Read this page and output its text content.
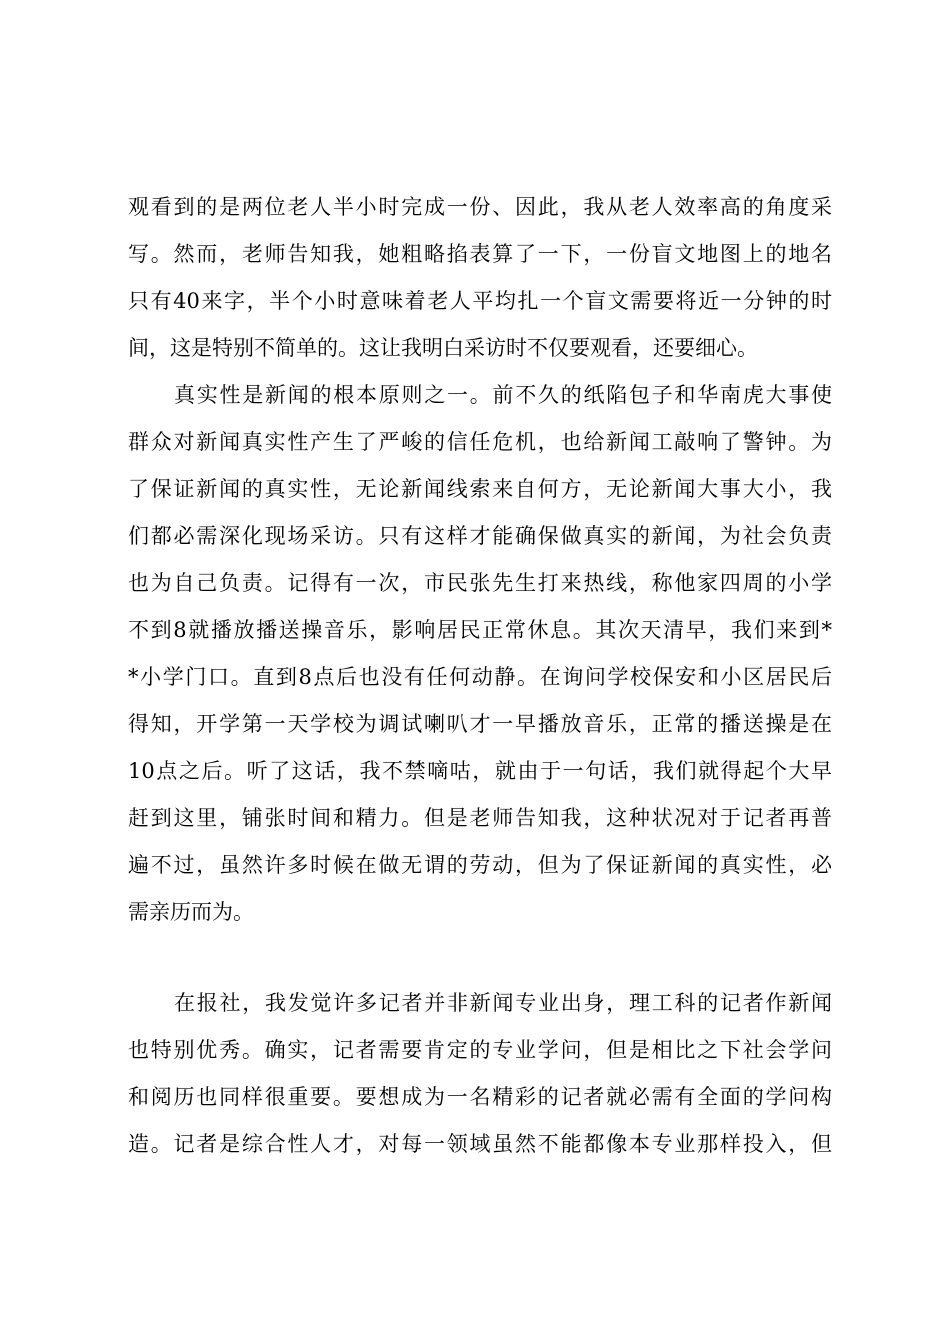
观看到的是两位老人半小时完成一份、因此，我从老人效率高的角度采
写。然而，老师告知我，她粗略掐表算了一下，一份盲文地图上的地名
只有40来字，半个小时意味着老人平均扎一个盲文需要将近一分钟的时
间，这是特别不简单的。这让我明白采访时不仅要观看，还要细心。
真实性是新闻的根本原则之一。前不久的纸陷包子和华南虎大事使
群众对新闻真实性产生了严峻的信任危机，也给新闻工敲响了警钟。为
了保证新闻的真实性，无论新闻线索来自何方，无论新闻大事大小，我
们都必需深化现场采访。只有这样才能确保做真实的新闻，为社会负责
也为自己负责。记得有一次，市民张先生打来热线，称他家四周的小学
不到8就播放播送操音乐，影响居民正常休息。其次天清早，我们来到*
*小学门口。直到8点后也没有任何动静。在询问学校保安和小区居民后
得知，开学第一天学校为调试喇叭才一早播放音乐，正常的播送操是在
10点之后。听了这话，我不禁嘀咕，就由于一句话，我们就得起个大早
赶到这里，铺张时间和精力。但是老师告知我，这种状况对于记者再普
遍不过，虽然许多时候在做无谓的劳动，但为了保证新闻的真实性，必
需亲历而为。
在报社，我发觉许多记者并非新闻专业出身，理工科的记者作新闻
也特别优秀。确实，记者需要肯定的专业学问，但是相比之下社会学问
和阅历也同样很重要。要想成为一名精彩的记者就必需有全面的学问构
造。记者是综合性人才，对每一领域虽然不能都像本专业那样投入，但
